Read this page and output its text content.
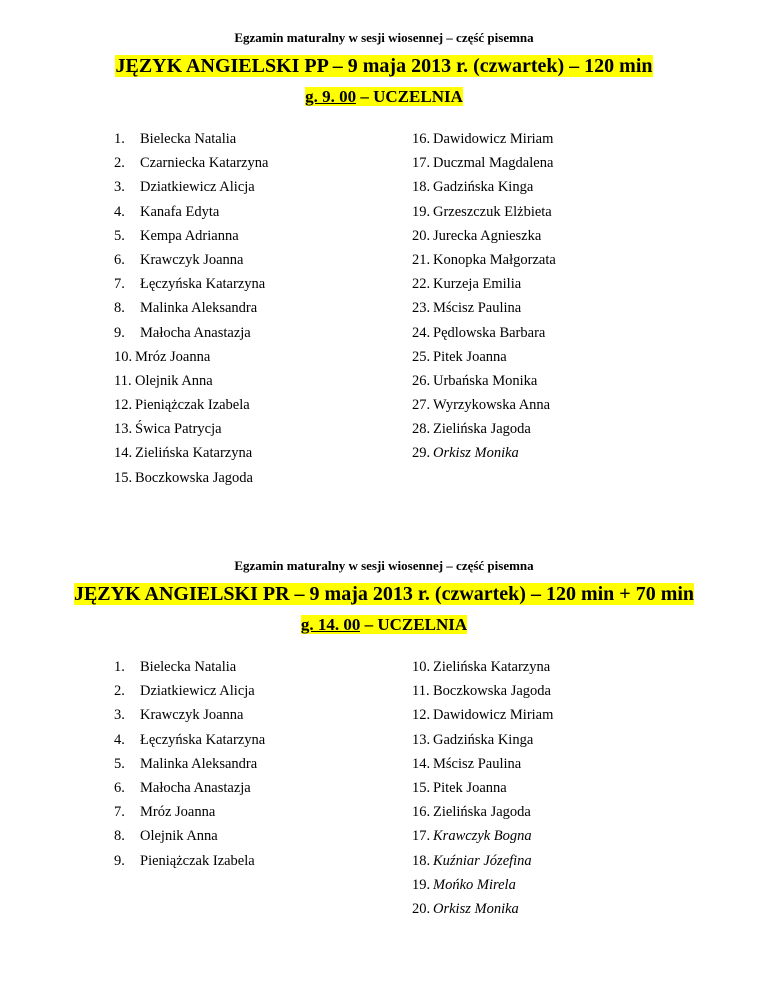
Egzamin maturalny w sesji wiosennej – część pisemna
JĘZYK ANGIELSKI PP – 9 maja 2013 r. (czwartek) – 120 min
g. 9. 00 – UCZELNIA
1. Bielecka Natalia
2. Czarniecka Katarzyna
3. Dziatkiewicz Alicja
4. Kanafa Edyta
5. Kempa Adrianna
6. Krawczyk Joanna
7. Łęczyńska Katarzyna
8. Malinka Aleksandra
9. Małocha Anastazja
10. Mróz Joanna
11. Olejnik Anna
12. Pieniążczak Izabela
13. Świca Patrycja
14. Zielińska Katarzyna
15. Boczkowska Jagoda
16. Dawidowicz Miriam
17. Duczmal Magdalena
18. Gadzińska Kinga
19. Grzeszczuk Elżbieta
20. Jurecka Agnieszka
21. Konopka Małgorzata
22. Kurzeja Emilia
23. Mścisz Paulina
24. Pędlowska Barbara
25. Pitek Joanna
26. Urbańska Monika
27. Wyrzykowska Anna
28. Zielińska Jagoda
29. Orkisz Monika
Egzamin maturalny w sesji wiosennej – część pisemna
JĘZYK ANGIELSKI PR – 9 maja 2013 r. (czwartek) – 120 min + 70 min
g. 14. 00 – UCZELNIA
1. Bielecka Natalia
2. Dziatkiewicz Alicja
3. Krawczyk Joanna
4. Łęczyńska Katarzyna
5. Malinka Aleksandra
6. Małocha Anastazja
7. Mróz Joanna
8. Olejnik Anna
9. Pieniążczak Izabela
10. Zielińska Katarzyna
11. Boczkowska Jagoda
12. Dawidowicz Miriam
13. Gadzińska Kinga
14. Mścisz Paulina
15. Pitek Joanna
16. Zielińska Jagoda
17. Krawczyk Bogna
18. Kuźniar Józefina
19. Mońko Mirela
20. Orkisz Monika
